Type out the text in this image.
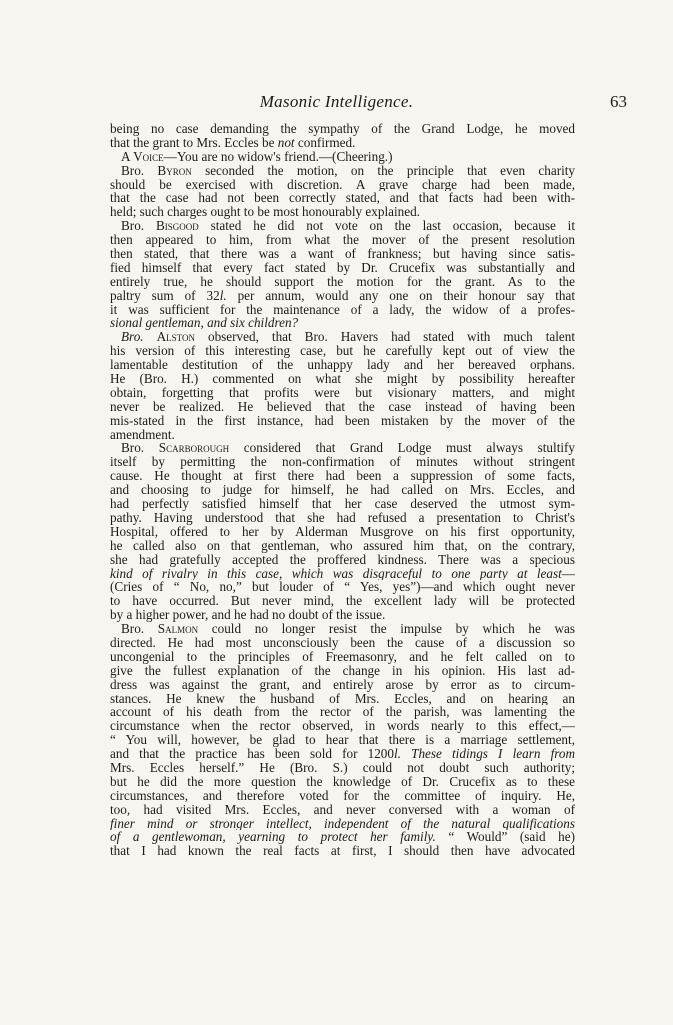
Masonic Intelligence.	63
being no case demanding the sympathy of the Grand Lodge, he moved
that the grant to Mrs. Eccles be not confirmed.
A Voice—You are no widow's friend.—(Cheering.)
Bro. Byron seconded the motion, on the principle that even charity
should be exercised with discretion. A grave charge had been made,
that the case had not been correctly stated, and that facts had been with-
held; such charges ought to be most honourably explained.
Bro. Bisgood stated he did not vote on the last occasion, because it
then appeared to him, from what the mover of the present resolution
then stated, that there was a want of frankness; but having since satis-
fied himself that every fact stated by Dr. Crucefix was substantially and
entirely true, he should support the motion for the grant. As to the
paltry sum of 32l. per annum, would any one on their honour say that
it was sufficient for the maintenance of a lady, the widow of a profes-
sional gentleman, and six children?
Bro. Alston observed, that Bro. Havers had stated with much talent
his version of this interesting case, but he carefully kept out of view the
lamentable destitution of the unhappy lady and her bereaved orphans.
He (Bro. H.) commented on what she might by possibility hereafter
obtain, forgetting that profits were but visionary matters, and might
never be realized. He believed that the case instead of having been
mis-stated in the first instance, had been mistaken by the mover of the
amendment.
Bro. Scarborough considered that Grand Lodge must always stultify
itself by permitting the non-confirmation of minutes without stringent
cause. He thought at first there had been a suppression of some facts,
and choosing to judge for himself, he had called on Mrs. Eccles, and
had perfectly satisfied himself that her case deserved the utmost sym-
pathy. Having understood that she had refused a presentation to Christ's
Hospital, offered to her by Alderman Musgrove on his first opportunity,
he called also on that gentleman, who assured him that, on the contrary,
she had gratefully accepted the proffered kindness. There was a specious
kind of rivalry in this case, which was disgraceful to one party at least—
(Cries of “ No, no,” but louder of “ Yes, yes”)—and which ought never
to have occurred. But never mind, the excellent lady will be protected
by a higher power, and he had no doubt of the issue.
Bro. Salmon could no longer resist the impulse by which he was
directed. He had most unconsciously been the cause of a discussion so
uncongenial to the principles of Freemasonry, and he felt called on to
give the fullest explanation of the change in his opinion. His last ad-
dress was against the grant, and entirely arose by error as to circum-
stances. He knew the husband of Mrs. Eccles, and on hearing an
account of his death from the rector of the parish, was lamenting the
circumstance when the rector observed, in words nearly to this effect,—
“ You will, however, be glad to hear that there is a marriage settlement,
and that the practice has been sold for 1200l. These tidings I learn from
Mrs. Eccles herself.” He (Bro. S.) could not doubt such authority;
but he did the more question the knowledge of Dr. Crucefix as to these
circumstances, and therefore voted for the committee of inquiry. He,
too, had visited Mrs. Eccles, and never conversed with a woman of
finer mind or stronger intellect, independent of the natural qualifications
of a gentlewoman, yearning to protect her family. “ Would” (said he)
that I had known the real facts at first, I should then have advocated
